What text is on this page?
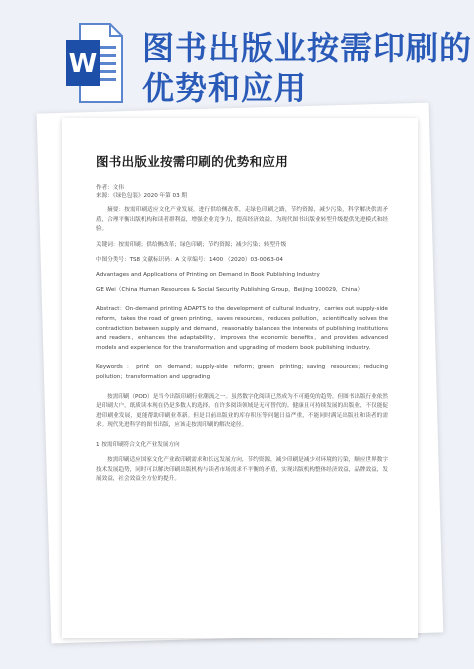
W 图书出版业按需印刷的优势和应用
图书出版业按需印刷的优势和应用
作者：文伟
来源：《绿色包装》2020 年第 03 期
摘要：按需印刷适应文化产业发展，进行供给侧改革，走绿色印刷之路，节约资源，减少污染，科学解决供需矛盾，合理平衡出版机构和读者群利益，增强企业竞争力，提高经济效益，为现代图书出版业转型升级提供先进模式和经验。
关键词：按需印刷；供给侧改革；绿色印刷；节约资源；减少污染；转型升级
中图分类号：TS8 文献标识码：A 文章编号：1400 （2020）03-0063-04
Advantages and Applications of Printing on Demand in Book Publishing Industry
GE Wei（China Human Resources & Social Security Publishing Group，Beijing 100029，China）
Abstract：On-demand printing ADAPTS to the development of cultural industry，carries out supply-side reform，takes the road of green printing，saves resources，reduces pollution，scientifically solves the contradiction between supply and demand，reasonably balances the interests of publishing institutions and readers，enhances the adaptability，improves the economic benefits，and provides advanced models and experience for the transformation and upgrading of modern book publishing industry.
Keywords：print on demand；supply-side reform；green printing；saving resources；reducing pollution；transformation and upgrading
按需印刷（POD）是当今出版印刷行业潮流之一。虽然数字化阅读已然成为不可避免的趋势，但图书出版行业依然是印刷大户，纸质读本现在仍是多数人的选择，在许多阅读领域是无可替代的。健康且可持续发展的出版业，不仅能促进印刷业发展，更能帮助印刷业革新。但是目前出版业的库存积压等问题日益严重，不能同时满足出版社和读者的需求。现代先进科学的图书出版，应该走按需印刷的解决途径。
1 按需印刷符合文化产业发展方向
按需印刷适应国家文化产业政印刷需求和长远发展方向，节约资源，减少印刷是减少对环境的污染，顺应世界数字技术发展趋势，同时可以解决印刷出版机构与读者市场需求不平衡的矛盾，实现出版机构整体经济效益，品牌效益，发展效益，社会效益全方位的提升。
